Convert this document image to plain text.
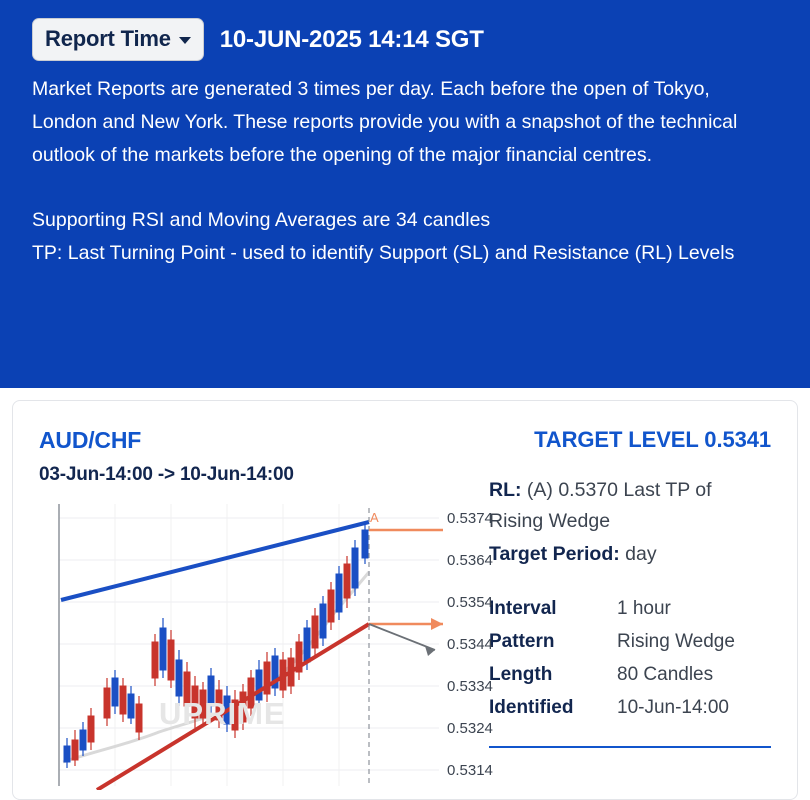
Report Time 10-JUN-2025 14:14 SGT

Market Reports are generated 3 times per day. Each before the open of Tokyo, London and New York. These reports provide you with a snapshot of the technical outlook of the markets before the opening of the major financial centres.

Supporting RSI and Moving Averages are 34 candles

TP: Last Turning Point - used to identify Support (SL) and Resistance (RL) Levels

AUD/CHF
03-Jun-14:00 -> 10-Jun-14:00
A
UPRIME
0.5374
0.5364
0.5354
0.5344
0.5334
0.5324
0.5314
TARGET LEVEL 0.5341

RL: (A) 0.5370 Last TP of Rising Wedge

Target Period: day

Interval	1 hour
Pattern	Rising Wedge
Length	80 Candles
Identified	10-Jun-14:00
